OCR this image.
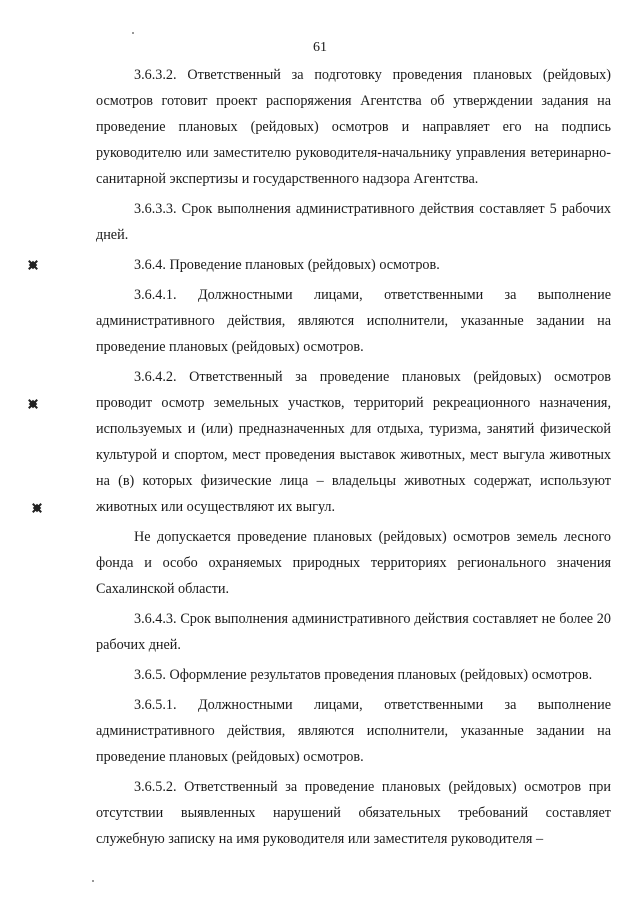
61

3.6.3.2. Ответственный за подготовку проведения плановых (рейдовых) осмотров готовит проект распоряжения Агентства об утверждении задания на проведение плановых (рейдовых) осмотров и направляет его на подпись руководителю или заместителю руководителя-начальнику управления ветеринарно-санитарной экспертизы и государственного надзора Агентства.

3.6.3.3. Срок выполнения административного действия составляет 5 рабочих дней.

3.6.4. Проведение плановых (рейдовых) осмотров.

3.6.4.1. Должностными лицами, ответственными за выполнение административного действия, являются исполнители, указанные задании на проведение плановых (рейдовых) осмотров.

3.6.4.2. Ответственный за проведение плановых (рейдовых) осмотров проводит осмотр земельных участков, территорий рекреационного назначения, используемых и (или) предназначенных для отдыха, туризма, занятий физической культурой и спортом, мест проведения выставок животных, мест выгула животных на (в) которых физические лица – владельцы животных содержат, используют животных или осуществляют их выгул.

Не допускается проведение плановых (рейдовых) осмотров земель лесного фонда и особо охраняемых природных территориях регионального значения Сахалинской области.

3.6.4.3. Срок выполнения административного действия составляет не более 20 рабочих дней.

3.6.5. Оформление результатов проведения плановых (рейдовых) осмотров.

3.6.5.1. Должностными лицами, ответственными за выполнение административного действия, являются исполнители, указанные задании на проведение плановых (рейдовых) осмотров.

3.6.5.2. Ответственный за проведение плановых (рейдовых) осмотров при отсутствии выявленных нарушений обязательных требований составляет служебную записку на имя руководителя или заместителя руководителя –
